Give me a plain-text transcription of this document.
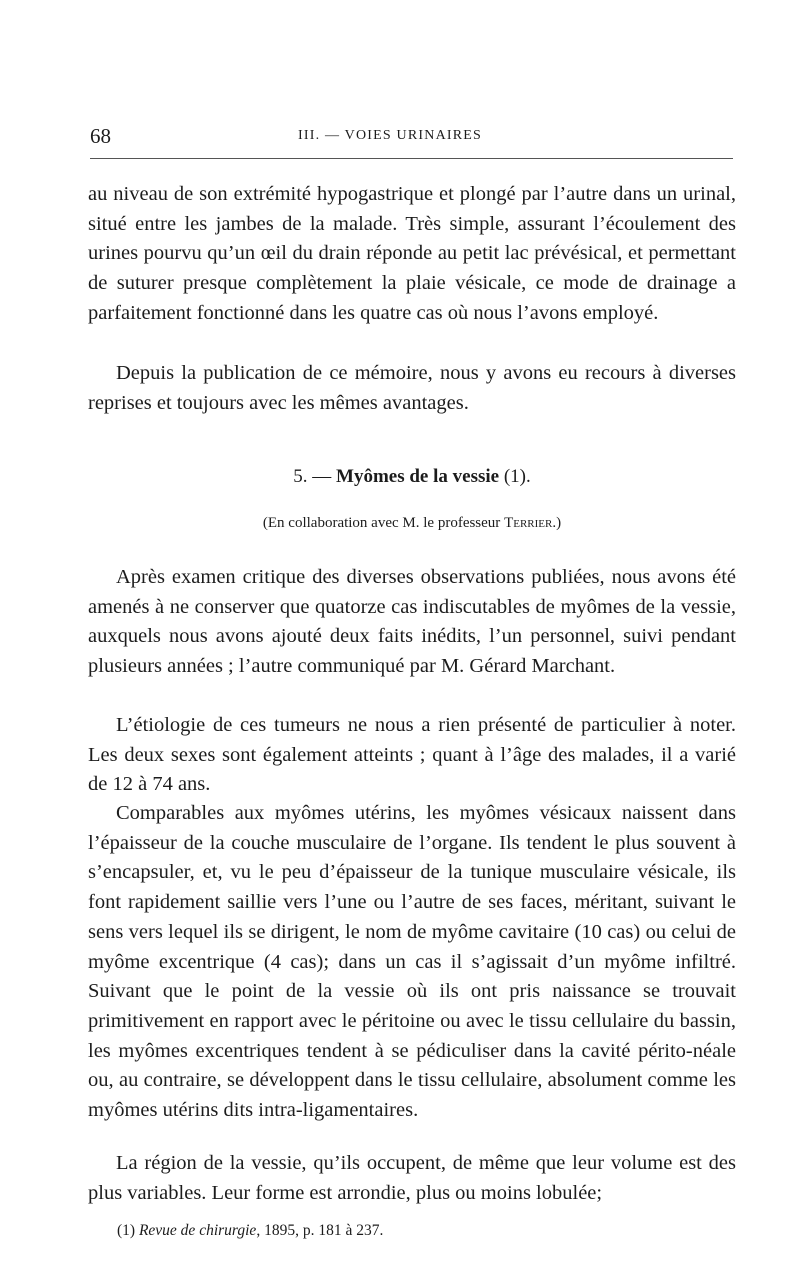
68	III. — VOIES URINAIRES

au niveau de son extrémité hypogastrique et plongé par l’autre dans un urinal, situé entre les jambes de la malade. Très simple, assurant l’écoulement des urines pourvu qu’un œil du drain réponde au petit lac prévésical, et permettant de suturer presque complètement la plaie vésicale, ce mode de drainage a parfaitement fonctionné dans les quatre cas où nous l’avons employé.

Depuis la publication de ce mémoire, nous y avons eu recours à diverses reprises et toujours avec les mêmes avantages.

5. — Myômes de la vessie (1).
(En collaboration avec M. le professeur Terrier.)

Après examen critique des diverses observations publiées, nous avons été amenés à ne conserver que quatorze cas indiscutables de myômes de la vessie, auxquels nous avons ajouté deux faits inédits, l’un personnel, suivi pendant plusieurs années ; l’autre communiqué par M. Gérard Marchant.

L’étiologie de ces tumeurs ne nous a rien présenté de particulier à noter. Les deux sexes sont également atteints ; quant à l’âge des malades, il a varié de 12 à 74 ans.

Comparables aux myômes utérins, les myômes vésicaux naissent dans l’épaisseur de la couche musculaire de l’organe. Ils tendent le plus souvent à s’encapsuler, et, vu le peu d’épaisseur de la tunique musculaire vésicale, ils font rapidement saillie vers l’une ou l’autre de ses faces, méritant, suivant le sens vers lequel ils se dirigent, le nom de myôme cavitaire (10 cas) ou celui de myôme excentrique (4 cas); dans un cas il s’agissait d’un myôme infiltré. Suivant que le point de la vessie où ils ont pris naissance se trouvait primitivement en rapport avec le péritoine ou avec le tissu cellulaire du bassin, les myômes excentriques tendent à se pédiculiser dans la cavité périto-néale ou, au contraire, se développent dans le tissu cellulaire, absolument comme les myômes utérins dits intra-ligamentaires.

La région de la vessie, qu’ils occupent, de même que leur volume est des plus variables. Leur forme est arrondie, plus ou moins lobulée;

(1) Revue de chirurgie, 1895, p. 181 à 237.
